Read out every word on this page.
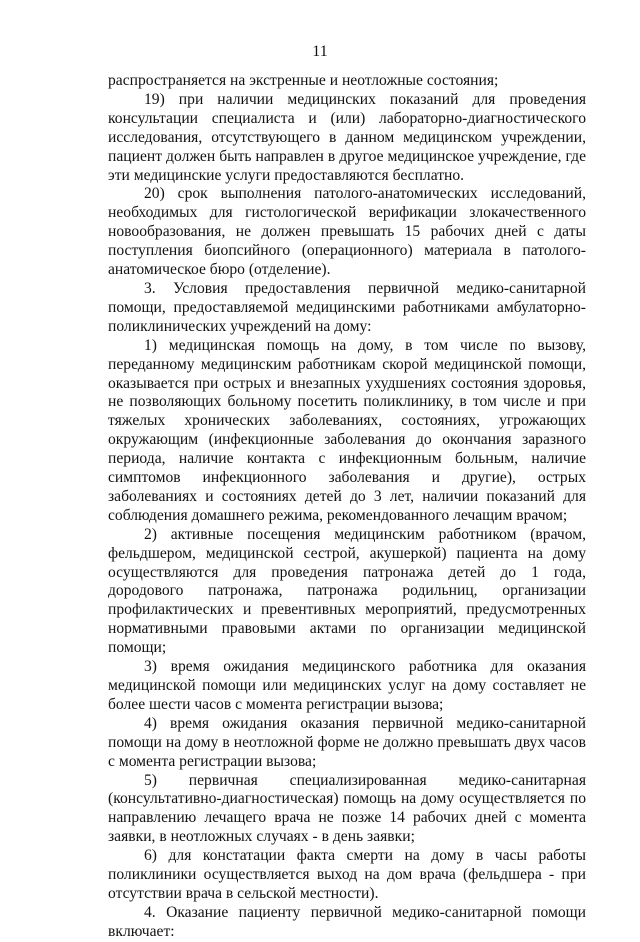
11

распространяется на экстренные и неотложные состояния;

19) при наличии медицинских показаний для проведения консультации специалиста и (или) лабораторно-диагностического исследования, отсутствующего в данном медицинском учреждении, пациент должен быть направлен в другое медицинское учреждение, где эти медицинские услуги предоставляются бесплатно.

20) срок выполнения патолого-анатомических исследований, необходимых для гистологической верификации злокачественного новообразования, не должен превышать 15 рабочих дней с даты поступления биопсийного (операционного) материала в патолого-анатомическое бюро (отделение).

3. Условия предоставления первичной медико-санитарной помощи, предоставляемой медицинскими работниками амбулаторно-поликлинических учреждений на дому:

1) медицинская помощь на дому, в том числе по вызову, переданному медицинским работникам скорой медицинской помощи, оказывается при острых и внезапных ухудшениях состояния здоровья, не позволяющих больному посетить поликлинику, в том числе и при тяжелых хронических заболеваниях, состояниях, угрожающих окружающим (инфекционные заболевания до окончания заразного периода, наличие контакта с инфекционным больным, наличие симптомов инфекционного заболевания и другие), острых заболеваниях и состояниях детей до 3 лет, наличии показаний для соблюдения домашнего режима, рекомендованного лечащим врачом;

2) активные посещения медицинским работником (врачом, фельдшером, медицинской сестрой, акушеркой) пациента на дому осуществляются для проведения патронажа детей до 1 года, дородового патронажа, патронажа родильниц, организации профилактических и превентивных мероприятий, предусмотренных нормативными правовыми актами по организации медицинской помощи;

3) время ожидания медицинского работника для оказания медицинской помощи или медицинских услуг на дому составляет не более шести часов с момента регистрации вызова;

4) время ожидания оказания первичной медико-санитарной помощи на дому в неотложной форме не должно превышать двух часов с момента регистрации вызова;

5) первичная специализированная медико-санитарная (консультативно-диагностическая) помощь на дому осуществляется по направлению лечащего врача не позже 14 рабочих дней с момента заявки, в неотложных случаях - в день заявки;

6) для констатации факта смерти на дому в часы работы поликлиники осуществляется выход на дом врача (фельдшера - при отсутствии врача в сельской местности).

4. Оказание пациенту первичной медико-санитарной помощи включает:
